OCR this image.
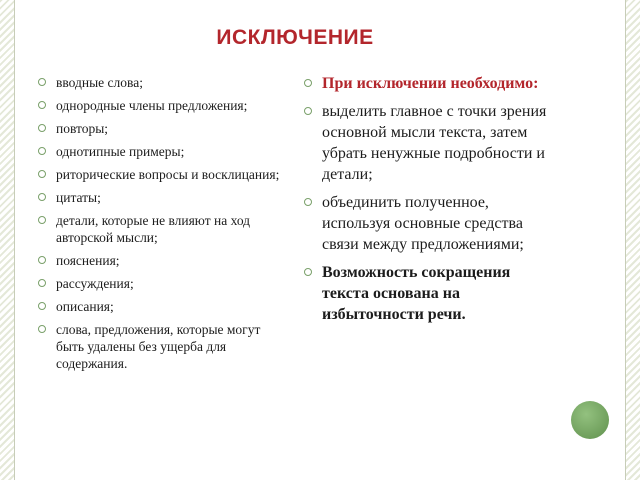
ИСКЛЮЧЕНИЕ
вводные слова;
однородные члены предложения;
повторы;
однотипные примеры;
риторические вопросы и восклицания;
цитаты;
детали, которые не влияют на ход авторской мысли;
пояснения;
рассуждения;
описания;
слова, предложения, которые могут быть удалены без ущерба для содержания.
При исключении необходимо:
выделить главное с точки зрения основной мысли текста, затем убрать ненужные подробности и детали;
объединить полученное, используя основные средства связи между предложениями;
Возможность сокращения текста основана на избыточности речи.
